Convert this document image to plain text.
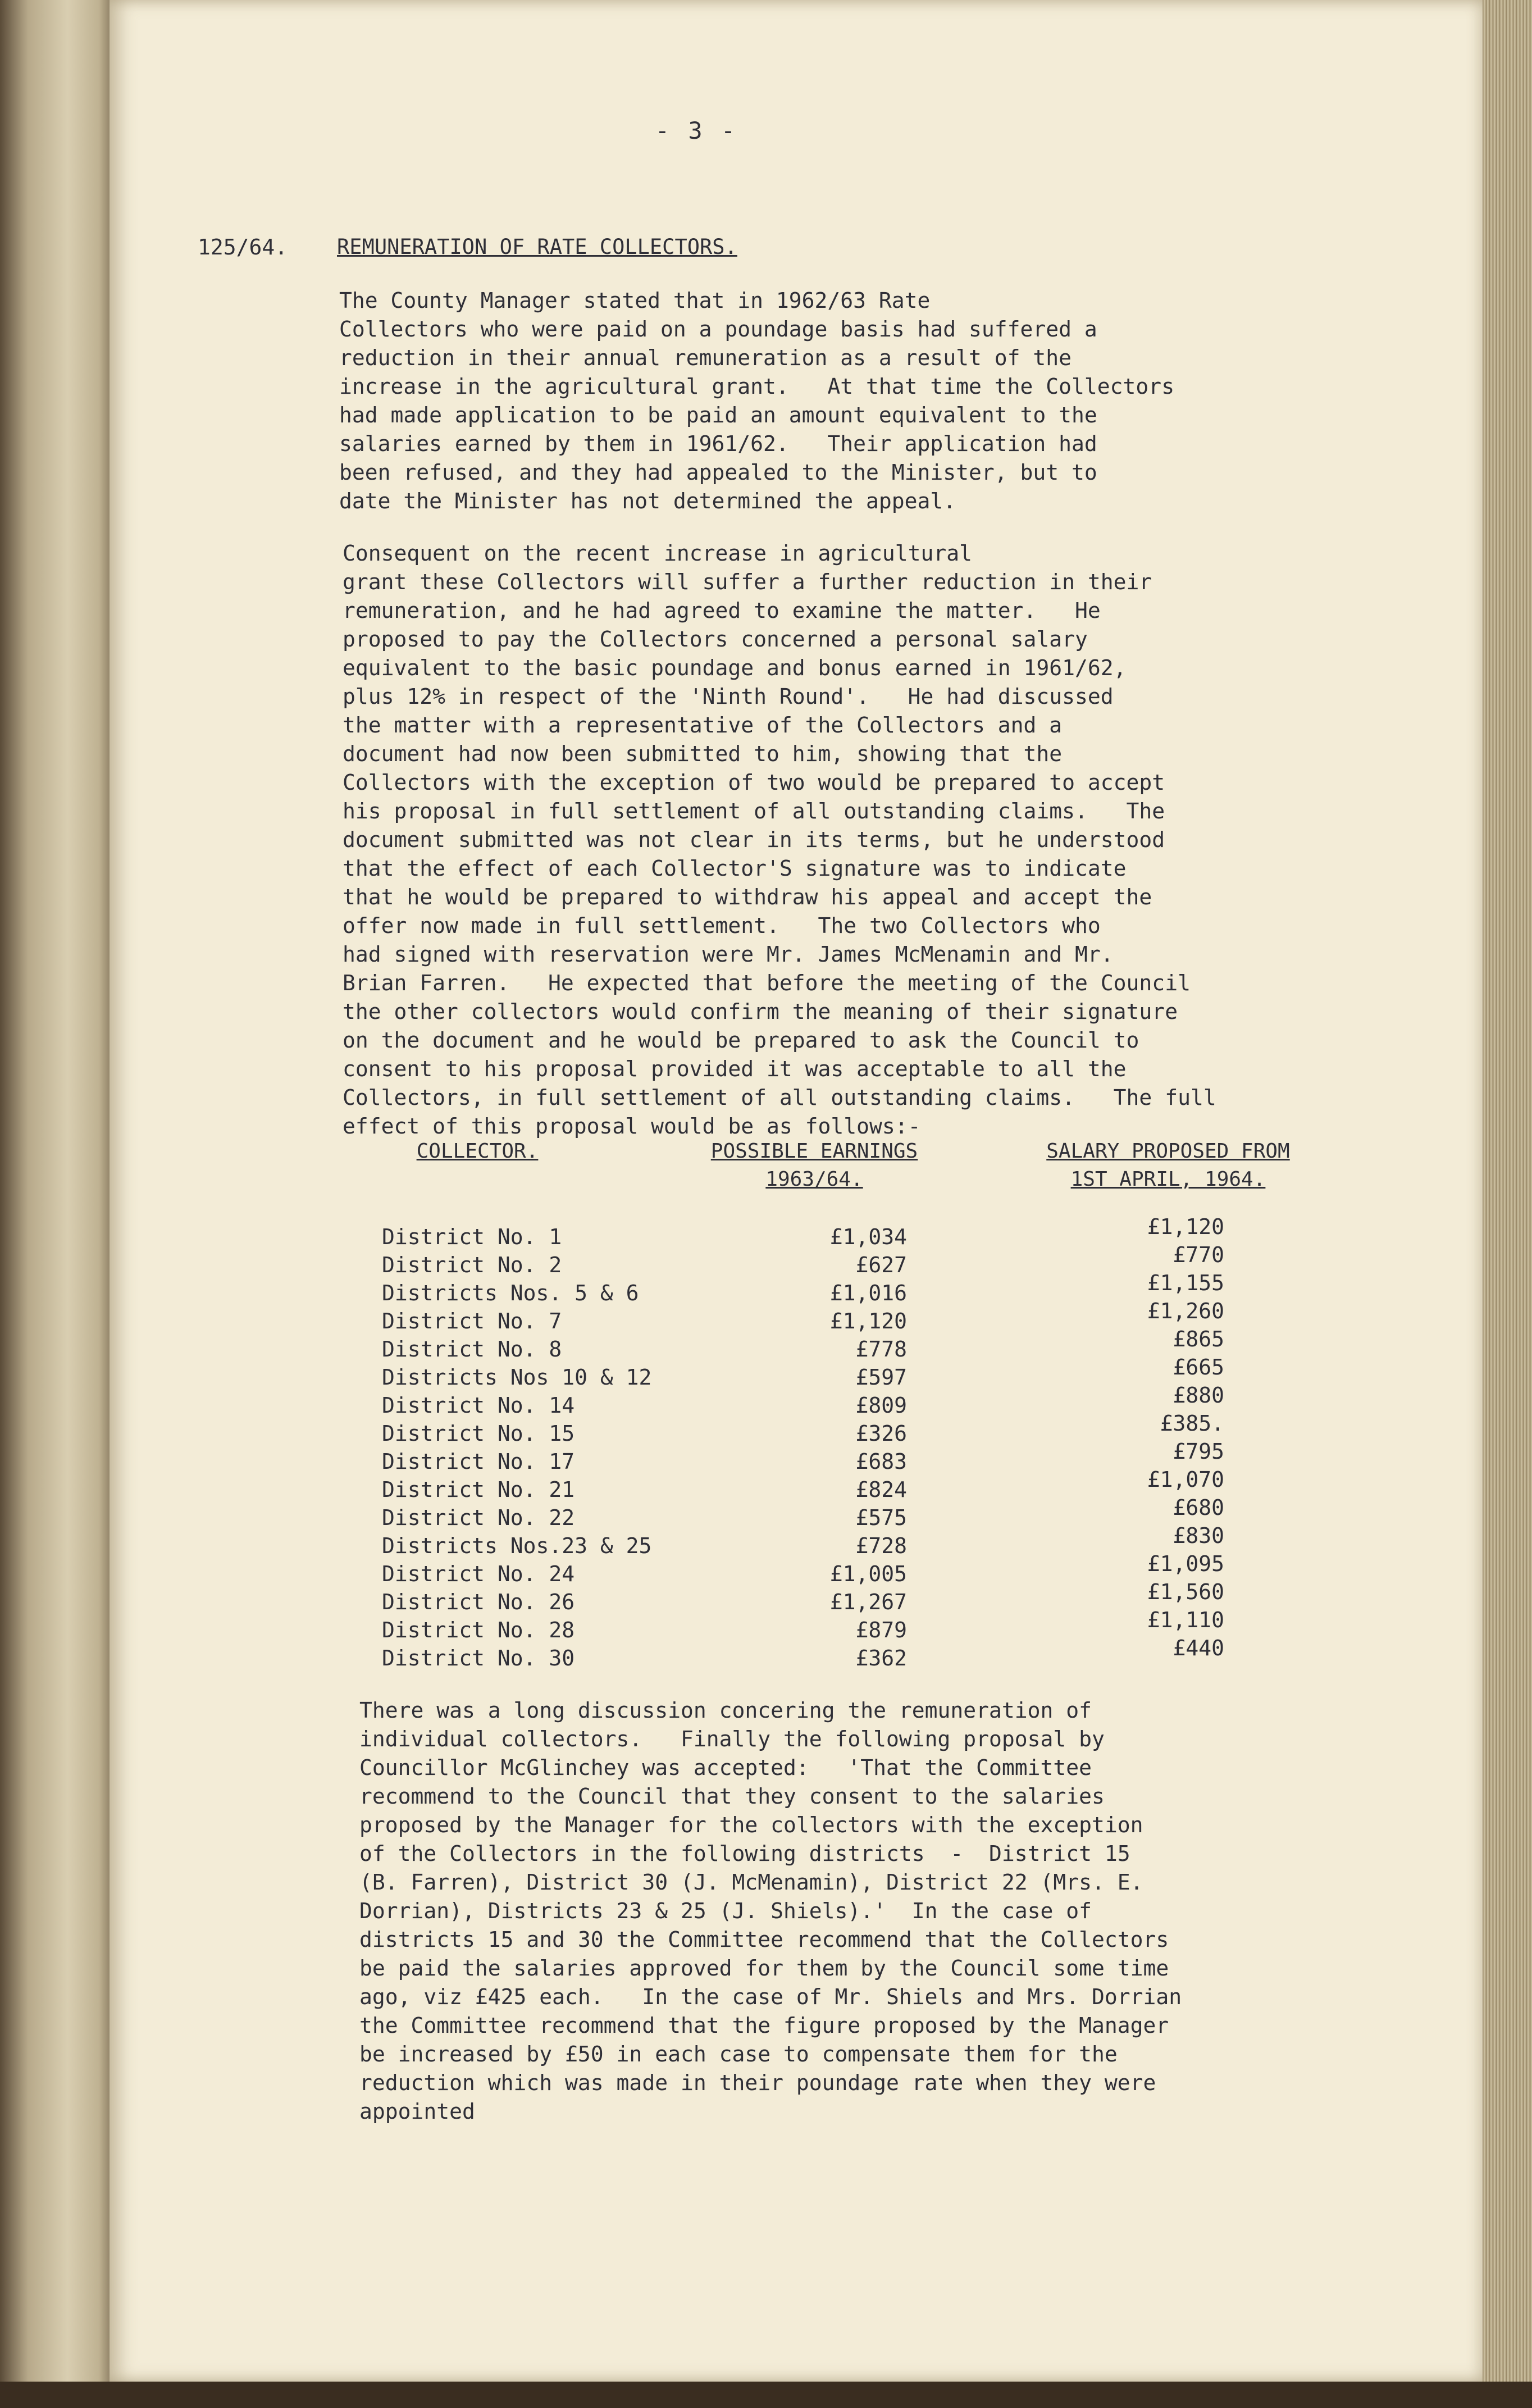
- 3 -
125/64. REMUNERATION OF RATE COLLECTORS.
The County Manager stated that in 1962/63 Rate
Collectors who were paid on a poundage basis had suffered a
reduction in their annual remuneration as a result of the
increase in the agricultural grant.   At that time the Collectors
had made application to be paid an amount equivalent to the
salaries earned by them in 1961/62.   Their application had
been refused, and they had appealed to the Minister, but to
date the Minister has not determined the appeal.
Consequent on the recent increase in agricultural
grant these Collectors will suffer a further reduction in their
remuneration, and he had agreed to examine the matter.   He
proposed to pay the Collectors concerned a personal salary
equivalent to the basic poundage and bonus earned in 1961/62,
plus 12% in respect of the 'Ninth Round'.   He had discussed
the matter with a representative of the Collectors and a
document had now been submitted to him, showing that the
Collectors with the exception of two would be prepared to accept
his proposal in full settlement of all outstanding claims.   The
document submitted was not clear in its terms, but he understood
that the effect of each Collector'S signature was to indicate
that he would be prepared to withdraw his appeal and accept the
offer now made in full settlement.   The two Collectors who
had signed with reservation were Mr. James McMenamin and Mr.
Brian Farren.   He expected that before the meeting of the Council
the other collectors would confirm the meaning of their signature
on the document and he would be prepared to ask the Council to
consent to his proposal provided it was acceptable to all the
Collectors, in full settlement of all outstanding claims.   The full
effect of this proposal would be as follows:-
COLLECTOR.	POSSIBLE EARNINGS
1963/64.
SALARY PROPOSED FROM
1ST APRIL, 1964.
District No. 1	£1,034	£1,120
District No. 2	£627	£770
Districts Nos. 5 & 6	£1,016	£1,155
District No. 7	£1,120	£1,260
District No. 8	£778	£865
Districts Nos 10 & 12	£597	£665
District No. 14	£809	£880
District No. 15	£326	£385.
District No. 17	£683	£795
District No. 21	£824	£1,070
District No. 22	£575	£680
Districts Nos.23 & 25	£728	£830
District No. 24	£1,005	£1,095
District No. 26	£1,267	£1,560
District No. 28	£879	£1,110
District No. 30	£362	£440
There was a long discussion concering the remuneration of
individual collectors.   Finally the following proposal by
Councillor McGlinchey was accepted:   'That the Committee
recommend to the Council that they consent to the salaries
proposed by the Manager for the collectors with the exception
of the Collectors in the following districts  -  District 15
(B. Farren), District 30 (J. McMenamin), District 22 (Mrs. E.
Dorrian), Districts 23 & 25 (J. Shiels).'  In the case of
districts 15 and 30 the Committee recommend that the Collectors
be paid the salaries approved for them by the Council some time
ago, viz £425 each.   In the case of Mr. Shiels and Mrs. Dorrian
the Committee recommend that the figure proposed by the Manager
be increased by £50 in each case to compensate them for the
reduction which was made in their poundage rate when they were
appointed
